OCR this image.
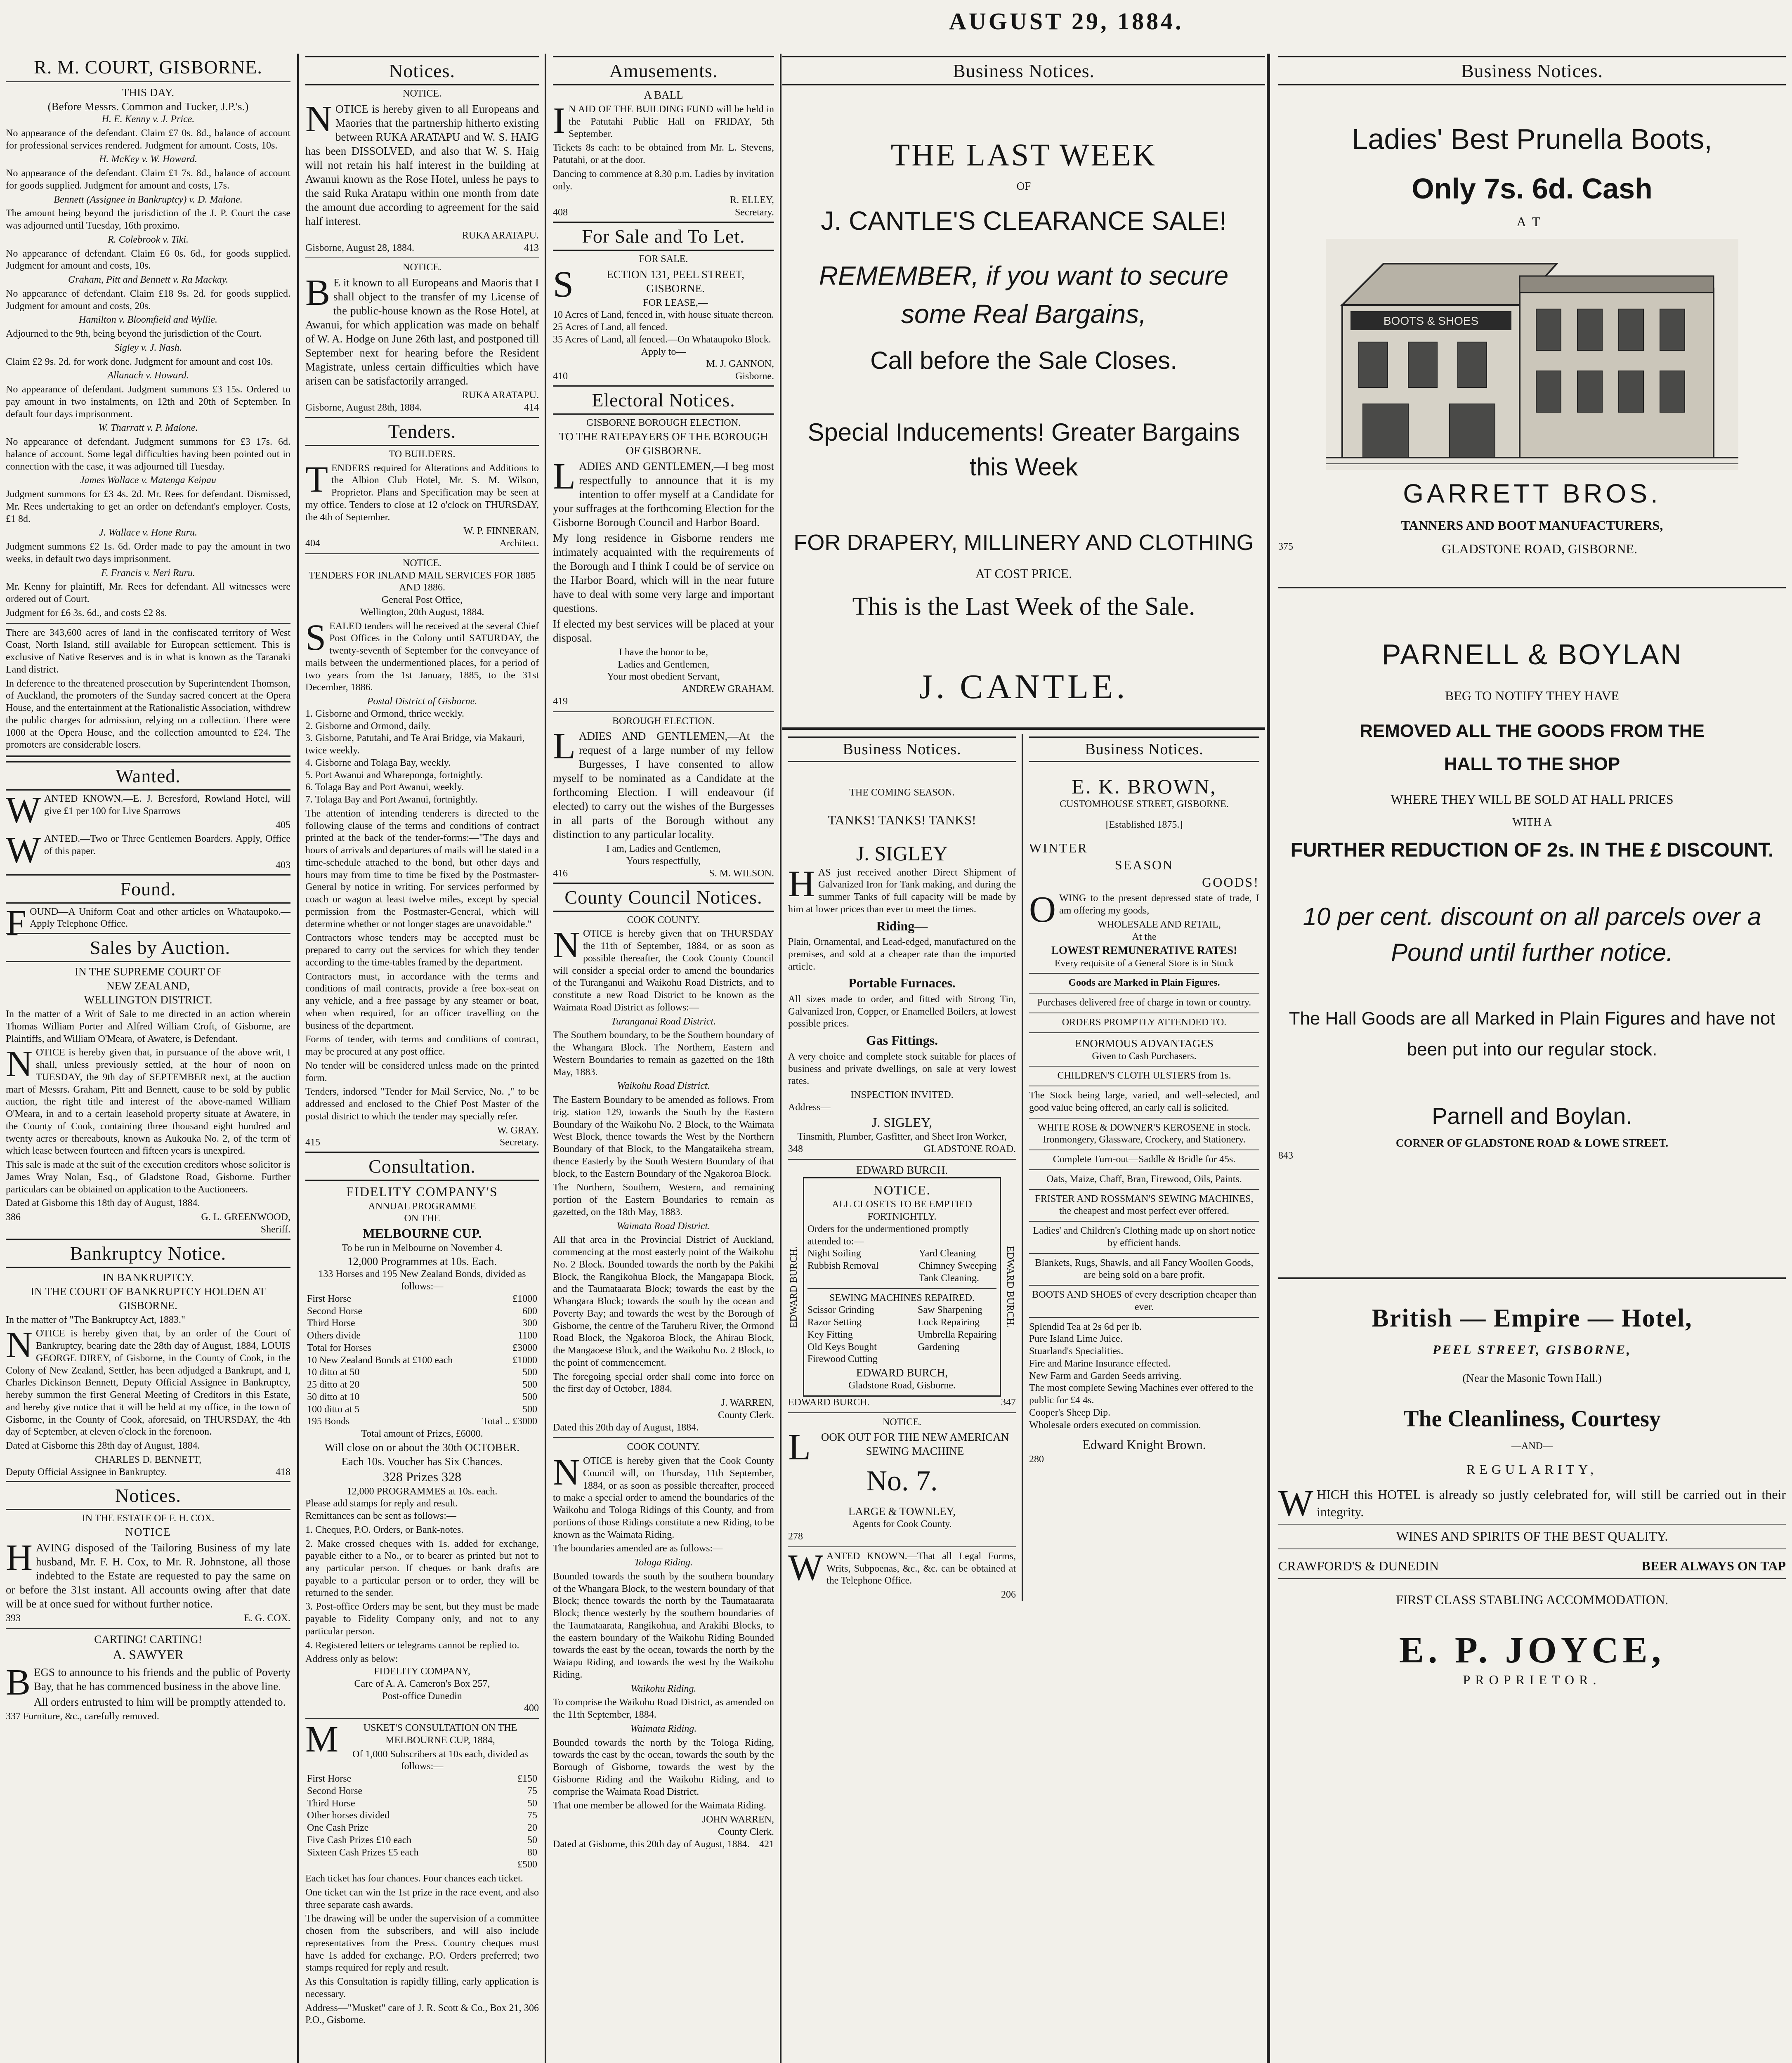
AUGUST 29, 1884.
R. M. COURT, GISBORNE.
THIS DAY.
(Before Messrs. Common and Tucker, J.P.'s.)
H. E. Kenny v. J. Price.

No appearance of the defendant. Claim £7 0s. 8d., balance of account for professional services rendered. Judgment for amount. Costs, 10s.

H. McKey v. W. Howard.

No appearance of the defendant. Claim £1 7s. 8d., balance of account for goods supplied. Judgment for amount and costs, 17s.

Bennett (Assignee in Bankruptcy) v. D. Malone.

The amount being beyond the jurisdiction of the J. P. Court the case was adjourned until Tuesday, 16th proximo.

R. Colebrook v. Tiki.

No appearance of defendant. Claim £6 0s. 6d., for goods supplied. Judgment for amount and costs, 10s.

Graham, Pitt and Bennett v. Ra Mackay.

No appearance of defendant. Claim £18 9s. 2d. for goods supplied. Judgment for amount and costs, 20s.

Hamilton v. Bloomfield and Wyllie.

Adjourned to the 9th, being beyond the jurisdiction of the Court.

Sigley v. J. Nash.

Claim £2 9s. 2d. for work done. Judgment for amount and cost 10s.

Allanach v. Howard.

No appearance of defendant. Judgment summons £3 15s. Ordered to pay amount in two instalments, on 12th and 20th of September. In default four days imprisonment.

W. Tharratt v. P. Malone.

No appearance of defendant. Judgment summons for £3 17s. 6d. balance of account. Some legal difficulties having been pointed out in connection with the case, it was adjourned till Tuesday.

James Wallace v. Matenga Keipau

Judgment summons for £3 4s. 2d. Mr. Rees for defendant. Dismissed, Mr. Rees undertaking to get an order on defendant's employer. Costs, £1 8d.

J. Wallace v. Hone Ruru.

Judgment summons £2 1s. 6d. Order made to pay the amount in two weeks, in default two days imprisonment.

F. Francis v. Neri Ruru.

Mr. Kenny for plaintiff, Mr. Rees for defendant. All witnesses were ordered out of Court.

Judgment for £6 3s. 6d., and costs £2 8s.

There are 343,600 acres of land in the confiscated territory of West Coast, North Island, still available for European settlement. This is exclusive of Native Reserves and is in what is known as the Taranaki Land district.

In deference to the threatened prosecution by Superintendent Thomson, of Auckland, the promoters of the Sunday sacred concert at the Opera House, and the entertainment at the Rationalistic Association, withdrew the public charges for admission, relying on a collection. There were 1000 at the Opera House, and the collection amounted to £24. The promoters are considerable losers.

Wanted.

WANTED KNOWN.—E. J. Beresford, Rowland Hotel, will give £1 per 100 for Live Sparrows

405

WANTED.—Two or Three Gentlemen Boarders. Apply, Office of this paper.

403
Found.

FOUND—A Uniform Coat and other articles on Whataupoko.—Apply Telephone Office.

Sales by Auction.
IN THE SUPREME COURT OF
NEW ZEALAND,
WELLINGTON DISTRICT.

In the matter of a Writ of Sale to me directed in an action wherein Thomas William Porter and Alfred William Croft, of Gisborne, are Plaintiffs, and William O'Meara, of Awatere, is Defendant.

NOTICE is hereby given that, in pursuance of the above writ, I shall, unless previously settled, at the hour of noon on TUESDAY, the 9th day of SEPTEMBER next, at the auction mart of Messrs. Graham, Pitt and Bennett, cause to be sold by public auction, the right title and interest of the above-named William O'Meara, in and to a certain leasehold property situate at Awatere, in the County of Cook, containing three thousand eight hundred and twenty acres or thereabouts, known as Aukouka No. 2, of the term of which lease between fourteen and fifteen years is unexpired.

This sale is made at the suit of the execution creditors whose solicitor is James Wray Nolan, Esq., of Gladstone Road, Gisborne. Further particulars can be obtained on application to the Auctioneers.

Dated at Gisborne this 18th day of August, 1884.

386	G. L. GREENWOOD,
Sheriff.
Bankruptcy Notice.
IN BANKRUPTCY.
IN THE COURT OF BANKRUPTCY HOLDEN AT GISBORNE.

In the matter of "The Bankruptcy Act, 1883."

NOTICE is hereby given that, by an order of the Court of Bankruptcy, bearing date the 28th day of August, 1884, LOUIS GEORGE DIREY, of Gisborne, in the County of Cook, in the Colony of New Zealand, Settler, has been adjudged a Bankrupt, and I, Charles Dickinson Bennett, Deputy Official Assignee in Bankruptcy, hereby summon the first General Meeting of Creditors in this Estate, and hereby give notice that it will be held at my office, in the town of Gisborne, in the County of Cook, aforesaid, on THURSDAY, the 4th day of September, at eleven o'clock in the forenoon.

Dated at Gisborne this 28th day of August, 1884.

CHARLES D. BENNETT,
Deputy Official Assignee in Bankruptcy.	418
Notices.
IN THE ESTATE OF F. H. COX.
NOTICE

HAVING disposed of the Tailoring Business of my late husband, Mr. F. H. Cox, to Mr. R. Johnstone, all those indebted to the Estate are requested to pay the same on or before the 31st instant. All accounts owing after that date will be at once sued for without further notice.

393	E. G. COX.
CARTING! CARTING!
A. SAWYER

BEGS to announce to his friends and the public of Poverty Bay, that he has commenced business in the above line.

All orders entrusted to him will be promptly attended to.

337 Furniture, &c., carefully removed.
Notices.
NOTICE.

NOTICE is hereby given to all Europeans and Maories that the partnership hitherto existing between RUKA ARATAPU and W. S. HAIG has been DISSOLVED, and also that W. S. Haig will not retain his half interest in the building at Awanui known as the Rose Hotel, unless he pays to the said Ruka Aratapu within one month from date the amount due according to agreement for the said half interest.

RUKA ARATAPU.
Gisborne, August 28, 1884.	413
NOTICE.

BE it known to all Europeans and Maoris that I shall object to the transfer of my License of the public-house known as the Rose Hotel, at Awanui, for which application was made on behalf of W. A. Hodge on June 26th last, and postponed till September next for hearing before the Resident Magistrate, unless certain difficulties which have arisen can be satisfactorily arranged.

RUKA ARATAPU.
Gisborne, August 28th, 1884.	414
Tenders.
TO BUILDERS.

TENDERS required for Alterations and Additions to the Albion Club Hotel, Mr. S. M. Wilson, Proprietor. Plans and Specification may be seen at my office. Tenders to close at 12 o'clock on THURSDAY, the 4th of September.

W. P. FINNERAN,
404	Architect.
NOTICE.
TENDERS FOR INLAND MAIL SERVICES FOR 1885 AND 1886.
General Post Office,
Wellington, 20th August, 1884.

SEALED tenders will be received at the several Chief Post Offices in the Colony until SATURDAY, the twenty-seventh of September for the conveyance of mails between the undermentioned places, for a period of two years from the 1st January, 1885, to the 31st December, 1886.

Postal District of Gisborne.
1. Gisborne and Ormond, thrice weekly.
2. Gisborne and Ormond, daily.
3. Gisborne, Patutahi, and Te Arai Bridge, via Makauri, twice weekly.
4. Gisborne and Tolaga Bay, weekly.
5. Port Awanui and Whareponga, fortnightly.
6. Tolaga Bay and Port Awanui, weekly.
7. Tolaga Bay and Port Awanui, fortnightly.

The attention of intending tenderers is directed to the following clause of the terms and conditions of contract printed at the back of the tender-forms:—"The days and hours of arrivals and departures of mails will be stated in a time-schedule attached to the bond, but other days and hours may from time to time be fixed by the Postmaster-General by notice in writing. For services performed by coach or wagon at least twelve miles, except by special permission from the Postmaster-General, which will determine whether or not longer stages are unavoidable."

Contractors whose tenders may be accepted must be prepared to carry out the services for which they tender according to the time-tables framed by the department.

Contractors must, in accordance with the terms and conditions of mail contracts, provide a free box-seat on any vehicle, and a free passage by any steamer or boat, when when required, for an officer travelling on the business of the department.

Forms of tender, with terms and conditions of contract, may be procured at any post office.

No tender will be considered unless made on the printed form.

Tenders, indorsed "Tender for Mail Service, No. ," to be addressed and enclosed to the Chief Post Master of the postal district to which the tender may specially refer.

W. GRAY.
415	Secretary.
Consultation.
FIDELITY COMPANY'S
ANNUAL PROGRAMME
ON THE
MELBOURNE CUP.
To be run in Melbourne on November 4.
12,000 Programmes at 10s. Each.
133 Horses and 195 New Zealand Bonds, divided as follows:—
First Horse	£1000
Second Horse	600
Third Horse	300
Others divide	1100
Total for Horses	£3000
10 New Zealand Bonds at £100 each	£1000
10 ditto at 50	500
25 ditto at 20	500
50 ditto at 10	500
100 ditto at 5	500
195 Bonds	Total .. £3000
Total amount of Prizes, £6000.
Will close on or about the 30th OCTOBER.
Each 10s. Voucher has Six Chances.
328 Prizes 328
12,000 PROGRAMMES at 10s. each.
Please add stamps for reply and result.
Remittances can be sent as follows:—

1. Cheques, P.O. Orders, or Bank-notes.

2. Make crossed cheques with 1s. added for exchange, payable either to a No., or to bearer as printed but not to any particular person. If cheques or bank drafts are payable to a particular person or to order, they will be returned to the sender.

3. Post-office Orders may be sent, but they must be made payable to Fidelity Company only, and not to any particular person.

4. Registered letters or telegrams cannot be replied to.

Address only as below:
FIDELITY COMPANY,
Care of A. A. Cameron's Box 257,
Post-office Dunedin
400

MUSKET'S CONSULTATION ON THE MELBOURNE CUP, 1884,

Of 1,000 Subscribers at 10s each, divided as follows:—
First Horse	£150
Second Horse	75
Third Horse	50
Other horses divided	75
One Cash Prize	20
Five Cash Prizes £10 each	50
Sixteen Cash Prizes £5 each	80
	£500

Each ticket has four chances. Four chances each ticket.

One ticket can win the 1st prize in the race event, and also three separate cash awards.

The drawing will be under the supervision of a committee chosen from the subscribers, and will also include representatives from the Press. Country cheques must have 1s added for exchange. P.O. Orders preferred; two stamps required for reply and result.

As this Consultation is rapidly filling, early application is necessary.

Address—"Musket" care of J. R. Scott & Co., Box 21, P.O., Gisborne.
306
Amusements.
A BALL

IN AID OF THE BUILDING FUND will be held in the Patutahi Public Hall on FRIDAY, 5th September.

Tickets 8s each: to be obtained from Mr. L. Stevens, Patutahi, or at the door.

Dancing to commence at 8.30 p.m. Ladies by invitation only.

R. ELLEY,
408	Secretary.
For Sale and To Let.
FOR SALE.

SECTION 131, PEEL STREET, GISBORNE.

FOR LEASE,—
10 Acres of Land, fenced in, with house situate thereon.
25 Acres of Land, all fenced.
35 Acres of Land, all fenced.—On Whataupoko Block.
Apply to—
M. J. GANNON,
410	Gisborne.
Electoral Notices.
GISBORNE BOROUGH ELECTION.
TO THE RATEPAYERS OF THE BOROUGH OF GISBORNE.

LADIES AND GENTLEMEN,—I beg most respectfully to announce that it is my intention to offer myself at a Candidate for your suffrages at the forthcoming Election for the Gisborne Borough Council and Harbor Board.

My long residence in Gisborne renders me intimately acquainted with the requirements of the Borough and I think I could be of service on the Harbor Board, which will in the near future have to deal with some very large and important questions.

If elected my best services will be placed at your disposal.

I have the honor to be,
Ladies and Gentlemen,
Your most obedient Servant,
ANDREW GRAHAM.
419
BOROUGH ELECTION.

LADIES AND GENTLEMEN,—At the request of a large number of my fellow Burgesses, I have consented to allow myself to be nominated as a Candidate at the forthcoming Election. I will endeavour (if elected) to carry out the wishes of the Burgesses in all parts of the Borough without any distinction to any particular locality.

I am, Ladies and Gentlemen,
Yours respectfully,
416	S. M. WILSON.
County Council Notices.
COOK COUNTY.

NOTICE is hereby given that on THURSDAY the 11th of September, 1884, or as soon as possible thereafter, the Cook County Council will consider a special order to amend the boundaries of the Turanganui and Waikohu Road Districts, and to constitute a new Road District to be known as the Waimata Road District as follows:—

Turanganui Road District.

The Southern boundary, to be the Southern boundary of the Whangara Block. The Northern, Eastern and Western Boundaries to remain as gazetted on the 18th May, 1883.

Waikohu Road District.

The Eastern Boundary to be amended as follows. From trig. station 129, towards the South by the Eastern Boundary of the Waikohu No. 2 Block, to the Waimata West Block, thence towards the West by the Northern Boundary of that Block, to the Mangataikeha stream, thence Easterly by the South Western Boundary of that block, to the Eastern Boundary of the Ngakoroa Block.

The Northern, Southern, Western, and remaining portion of the Eastern Boundaries to remain as gazetted, on the 18th May, 1883.

Waimata Road District.

All that area in the Provincial District of Auckland, commencing at the most easterly point of the Waikohu No. 2 Block. Bounded towards the north by the Pakihi Block, the Rangikohua Block, the Mangapapa Block, and the Taumataarata Block; towards the east by the Whangara Block; towards the south by the ocean and Poverty Bay; and towards the west by the Borough of Gisborne, the centre of the Taruheru River, the Ormond Road Block, the Ngakoroa Block, the Ahirau Block, the Mangaoese Block, and the Waikohu No. 2 Block, to the point of commencement.

The foregoing special order shall come into force on the first day of October, 1884.

J. WARREN,
County Clerk.
Dated this 20th day of August, 1884.
COOK COUNTY.

NOTICE is hereby given that the Cook County Council will, on Thursday, 11th September, 1884, or as soon as possible thereafter, proceed to make a special order to amend the boundaries of the Waikohu and Tologa Ridings of this County, and from portions of those Ridings constitute a new Riding, to be known as the Waimata Riding.

The boundaries amended are as follows:—

Tologa Riding.

Bounded towards the south by the southern boundary of the Whangara Block, to the western boundary of that Block; thence towards the north by the Taumataarata Block; thence westerly by the southern boundaries of the Taumataarata, Rangikohua, and Arakihi Blocks, to the eastern boundary of the Waikohu Riding Bounded towards the east by the ocean, towards the north by the Waiapu Riding, and towards the west by the Waikohu Riding.

Waikohu Riding.

To comprise the Waikohu Road District, as amended on the 11th September, 1884.

Waimata Riding.

Bounded towards the north by the Tologa Riding, towards the east by the ocean, towards the south by the Borough of Gisborne, towards the west by the Gisborne Riding and the Waikohu Riding, and to comprise the Waimata Road District.

That one member be allowed for the Waimata Riding.

JOHN WARREN,
County Clerk.
Dated at Gisborne, this 20th day of August, 1884. 421
Business Notices.
THE LAST WEEK
OF
J. CANTLE'S CLEARANCE SALE!
REMEMBER, if you want to secure some Real Bargains,
Call before the Sale Closes.
Special Inducements! Greater Bargains this Week
FOR DRAPERY, MILLINERY AND CLOTHING
AT COST PRICE.
This is the Last Week of the Sale.
J. CANTLE.
Business Notices.
THE COMING SEASON.
TANKS! TANKS! TANKS!
J. SIGLEY

HAS just received another Direct Shipment of Galvanized Iron for Tank making, and during the summer Tanks of full capacity will be made by him at lower prices than ever to meet the times.

Riding—

Plain, Ornamental, and Lead-edged, manufactured on the premises, and sold at a cheaper rate than the imported article.

Portable Furnaces.

All sizes made to order, and fitted with Strong Tin, Galvanized Iron, Copper, or Enamelled Boilers, at lowest possible prices.

Gas Fittings.

A very choice and complete stock suitable for places of business and private dwellings, on sale at very lowest rates.

INSPECTION INVITED.
Address—
J. SIGLEY,
Tinsmith, Plumber, Gasfitter, and Sheet Iron Worker,
348	GLADSTONE ROAD.
EDWARD BURCH.
EDWARD BURCH.
NOTICE.
ALL CLOSETS TO BE EMPTIED FORTNIGHTLY.
Orders for the undermentioned promptly attended to:—
Night Soiling
Rubbish Removal
Yard Cleaning
Chimney Sweeping
Tank Cleaning.
SEWING MACHINES REPAIRED.
Scissor Grinding
Razor Setting
Key Fitting
Old Keys Bought
Firewood Cutting
Saw Sharpening
Lock Repairing
Umbrella Repairing
Gardening
EDWARD BURCH,
Gladstone Road, Gisborne.
EDWARD BURCH.
EDWARD BURCH.	347
NOTICE.

LOOK OUT FOR THE NEW AMERICAN SEWING MACHINE

No. 7.
LARGE & TOWNLEY,
Agents for Cook County.
278

WANTED KNOWN.—That all Legal Forms, Writs, Subpoenas, &c., &c. can be obtained at the Telephone Office.

206
Business Notices.
E. K. BROWN,
CUSTOMHOUSE STREET, GISBORNE.
[Established 1875.]
WINTER
SEASON
GOODS!

OWING to the present depressed state of trade, I am offering my goods,

WHOLESALE AND RETAIL,
At the
LOWEST REMUNERATIVE RATES!
Every requisite of a General Store is in Stock
Goods are Marked in Plain Figures.
Purchases delivered free of charge in town or country.
ORDERS PROMPTLY ATTENDED TO.
ENORMOUS ADVANTAGES
Given to Cash Purchasers.
CHILDREN'S CLOTH ULSTERS from 1s.

The Stock being large, varied, and well-selected, and good value being offered, an early call is solicited.

WHITE ROSE & DOWNER'S KEROSENE in stock.
Ironmongery, Glassware, Crockery, and Stationery.
Complete Turn-out—Saddle & Bridle for 45s.
Oats, Maize, Chaff, Bran, Firewood, Oils, Paints.
FRISTER AND ROSSMAN'S SEWING MACHINES, the cheapest and most perfect ever offered.
Ladies' and Children's Clothing made up on short notice by efficient hands.
Blankets, Rugs, Shawls, and all Fancy Woollen Goods, are being sold on a bare profit.
BOOTS AND SHOES of every description cheaper than ever.
Splendid Tea at 2s 6d per lb.
Pure Island Lime Juice.
Stuarland's Specialities.
Fire and Marine Insurance effected.
New Farm and Garden Seeds arriving.
The most complete Sewing Machines ever offered to the public for £4 4s.
Cooper's Sheep Dip.
Wholesale orders executed on commission.
Edward Knight Brown.
280
Business Notices.
Ladies' Best Prunella Boots,
Only 7s. 6d. Cash
AT
BOOTS & SHOES
GARRETT BROS.
TANNERS AND BOOT MANUFACTURERS,
375	GLADSTONE ROAD, GISBORNE.
PARNELL & BOYLAN
BEG TO NOTIFY THEY HAVE
REMOVED ALL THE GOODS FROM THE
HALL TO THE SHOP
WHERE THEY WILL BE SOLD AT HALL PRICES
WITH A
FURTHER REDUCTION OF 2s. IN THE £ DISCOUNT.
10 per cent. discount on all parcels over a Pound until further notice.
The Hall Goods are all Marked in Plain Figures and have not been put into our regular stock.
Parnell and Boylan.
CORNER OF GLADSTONE ROAD & LOWE STREET.
843
British — Empire — Hotel,
PEEL STREET, GISBORNE,
(Near the Masonic Town Hall.)
The Cleanliness, Courtesy
—AND—
REGULARITY,

WHICH this HOTEL is already so justly celebrated for, will still be carried out in their integrity.

WINES AND SPIRITS OF THE BEST QUALITY.
CRAWFORD'S & DUNEDIN	BEER ALWAYS ON TAP
FIRST CLASS STABLING ACCOMMODATION.
E. P. JOYCE,
PROPRIETOR.
